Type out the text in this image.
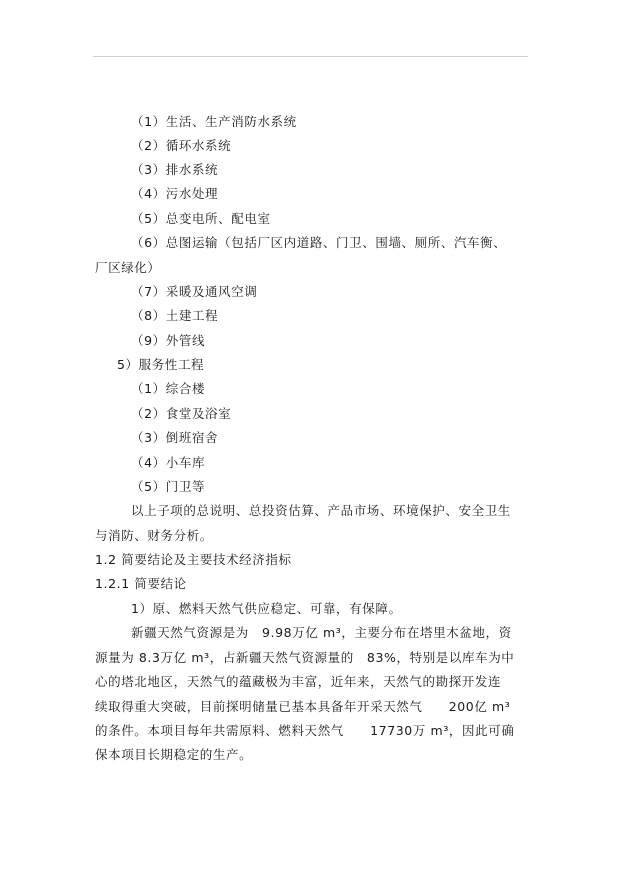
（1）生活、生产消防水系统
（2）循环水系统
（3）排水系统
（4）污水处理
（5）总变电所、配电室
（6）总图运输（包括厂区内道路、门卫、围墙、厕所、汽车衡、
厂区绿化）
（7）采暖及通风空调
（8）土建工程
（9）外管线
5）服务性工程
（1）综合楼
（2）食堂及浴室
（3）倒班宿舍
（4）小车库
（5）门卫等
以上子项的总说明、总投资估算、产品市场、环境保护、安全卫生
与消防、财务分析。
1.2 简要结论及主要技术经济指标
1.2.1 简要结论
1）原、燃料天然气供应稳定、可靠，有保障。
新疆天然气资源是为　9.98万亿 m³，主要分布在塔里木盆地，资
源量为 8.3万亿 m³，占新疆天然气资源量的　83%，特别是以库车为中
心的塔北地区，天然气的蕴藏极为丰富，近年来，天然气的勘探开发连
续取得重大突破，目前探明储量已基本具备年开采天然气　　200亿 m³
的条件。本项目每年共需原料、燃料天然气　　17730万 m³，因此可确
保本项目长期稳定的生产。
